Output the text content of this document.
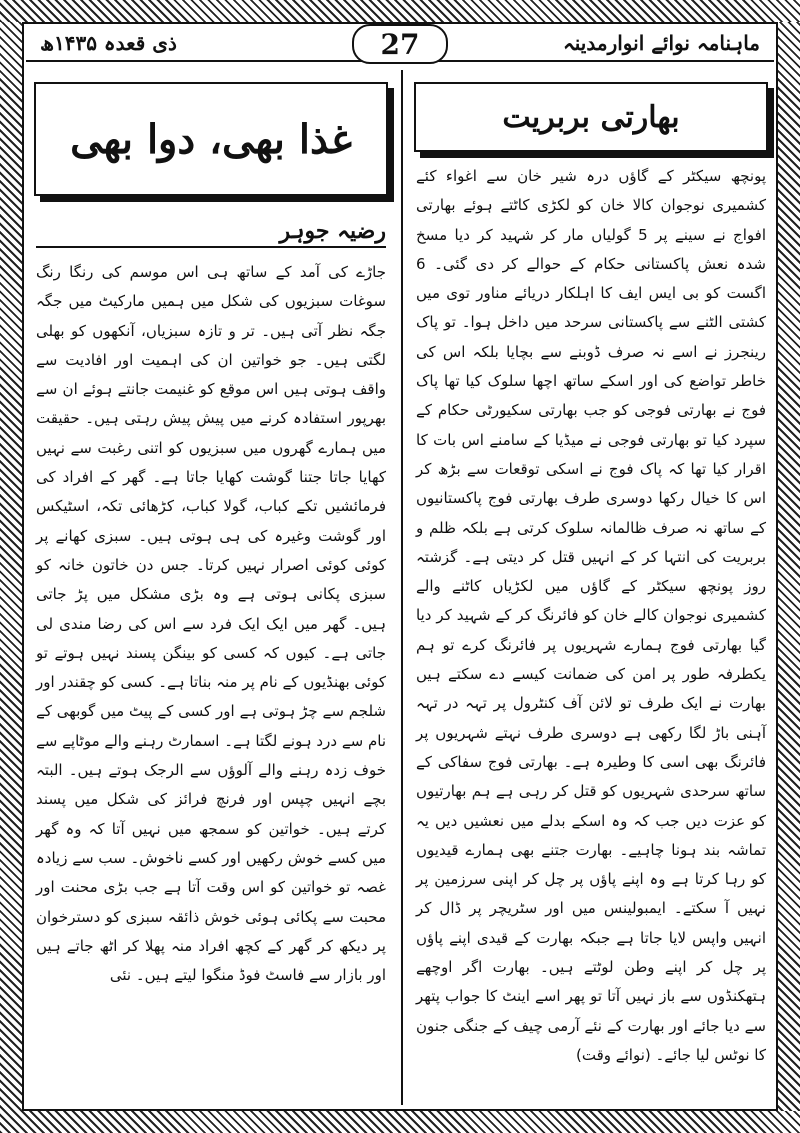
ذی قعدہ ۱۴۳۵ھ	27	ماہنامہ نوائے انوارمدینہ
بھارتی بربریت

پونچھ سیکٹر کے گاؤں درہ شیر خان سے اغواء کئے کشمیری نوجوان کالا خان کو لکڑی کاٹتے ہوئے بھارتی افواج نے سینے پر 5 گولیاں مار کر شہید کر دیا مسخ شدہ نعش پاکستانی حکام کے حوالے کر دی گئی۔ 6 اگست کو بی ایس ایف کا اہلکار دریائے مناور توی میں کشتی الٹنے سے پاکستانی سرحد میں داخل ہوا۔ تو پاک رینجرز نے اسے نہ صرف ڈوبنے سے بچایا بلکہ اس کی خاطر تواضع کی اور اسکے ساتھ اچھا سلوک کیا تھا پاک فوج نے بھارتی فوجی کو جب بھارتی سکیورٹی حکام کے سپرد کیا تو بھارتی فوجی نے میڈیا کے سامنے اس بات کا اقرار کیا تھا کہ پاک فوج نے اسکی توقعات سے بڑھ کر اس کا خیال رکھا دوسری طرف بھارتی فوج پاکستانیوں کے ساتھ نہ صرف ظالمانہ سلوک کرتی ہے بلکہ ظلم و بربریت کی انتہا کر کے انہیں قتل کر دیتی ہے۔ گزشتہ روز پونچھ سیکٹر کے گاؤں میں لکڑیاں کاٹنے والے کشمیری نوجوان کالے خان کو فائرنگ کر کے شہید کر دیا گیا بھارتی فوج ہمارے شہریوں پر فائرنگ کرے تو ہم یکطرفہ طور پر امن کی ضمانت کیسے دے سکتے ہیں بھارت نے ایک طرف تو لائن آف کنٹرول پر تہہ در تہہ آہنی باڑ لگا رکھی ہے دوسری طرف نہتے شہریوں پر فائرنگ بھی اسی کا وطیرہ ہے۔ بھارتی فوج سفاکی کے ساتھ سرحدی شہریوں کو قتل کر رہی ہے ہم بھارتیوں کو عزت دیں جب کہ وہ اسکے بدلے میں نعشیں دیں یہ تماشہ بند ہونا چاہیے۔ بھارت جتنے بھی ہمارے قیدیوں کو رہا کرتا ہے وہ اپنے پاؤں پر چل کر اپنی سرزمین پر نہیں آ سکتے۔ ایمبولینس میں اور سٹریچر پر ڈال کر انہیں واپس لایا جاتا ہے جبکہ بھارت کے قیدی اپنے پاؤں پر چل کر اپنے وطن لوٹتے ہیں۔ بھارت اگر اوچھے ہتھکنڈوں سے باز نہیں آتا تو پھر اسے اینٹ کا جواب پتھر سے دیا جائے اور بھارت کے نئے آرمی چیف کے جنگی جنون کا نوٹس لیا جائے۔ (نوائے وقت)

غذا بھی، دوا بھی
رضیہ جوہر

جاڑے کی آمد کے ساتھ ہی اس موسم کی رنگا رنگ سوغات سبزیوں کی شکل میں ہمیں مارکیٹ میں جگہ جگہ نظر آتی ہیں۔ تر و تازہ سبزیاں، آنکھوں کو بھلی لگتی ہیں۔ جو خواتین ان کی اہمیت اور افادیت سے واقف ہوتی ہیں اس موقع کو غنیمت جانتے ہوئے ان سے بھرپور استفادہ کرنے میں پیش پیش رہتی ہیں۔ حقیقت میں ہمارے گھروں میں سبزیوں کو اتنی رغبت سے نہیں کھایا جاتا جتنا گوشت کھایا جاتا ہے۔ گھر کے افراد کی فرمائشیں تکے کباب، گولا کباب، کڑھائی تکہ، اسٹیکس اور گوشت وغیرہ کی ہی ہوتی ہیں۔ سبزی کھانے پر کوئی کوئی اصرار نہیں کرتا۔ جس دن خاتون خانہ کو سبزی پکانی ہوتی ہے وہ بڑی مشکل میں پڑ جاتی ہیں۔ گھر میں ایک ایک فرد سے اس کی رضا مندی لی جاتی ہے۔ کیوں کہ کسی کو بینگن پسند نہیں ہوتے تو کوئی بھنڈیوں کے نام پر منہ بناتا ہے۔ کسی کو چقندر اور شلجم سے چڑ ہوتی ہے اور کسی کے پیٹ میں گوبھی کے نام سے درد ہونے لگتا ہے۔ اسمارٹ رہنے والے موٹاپے سے خوف زدہ رہنے والے آلوؤں سے الرجک ہوتے ہیں۔ البتہ بچے انہیں چپس اور فرنچ فرائز کی شکل میں پسند کرتے ہیں۔ خواتین کو سمجھ میں نہیں آتا کہ وہ گھر میں کسے خوش رکھیں اور کسے ناخوش۔ سب سے زیادہ غصہ تو خواتین کو اس وقت آتا ہے جب بڑی محنت اور محبت سے پکائی ہوئی خوش ذائقہ سبزی کو دسترخوان پر دیکھ کر گھر کے کچھ افراد منہ پھلا کر اٹھ جاتے ہیں اور بازار سے فاسٹ فوڈ منگوا لیتے ہیں۔ نئی
